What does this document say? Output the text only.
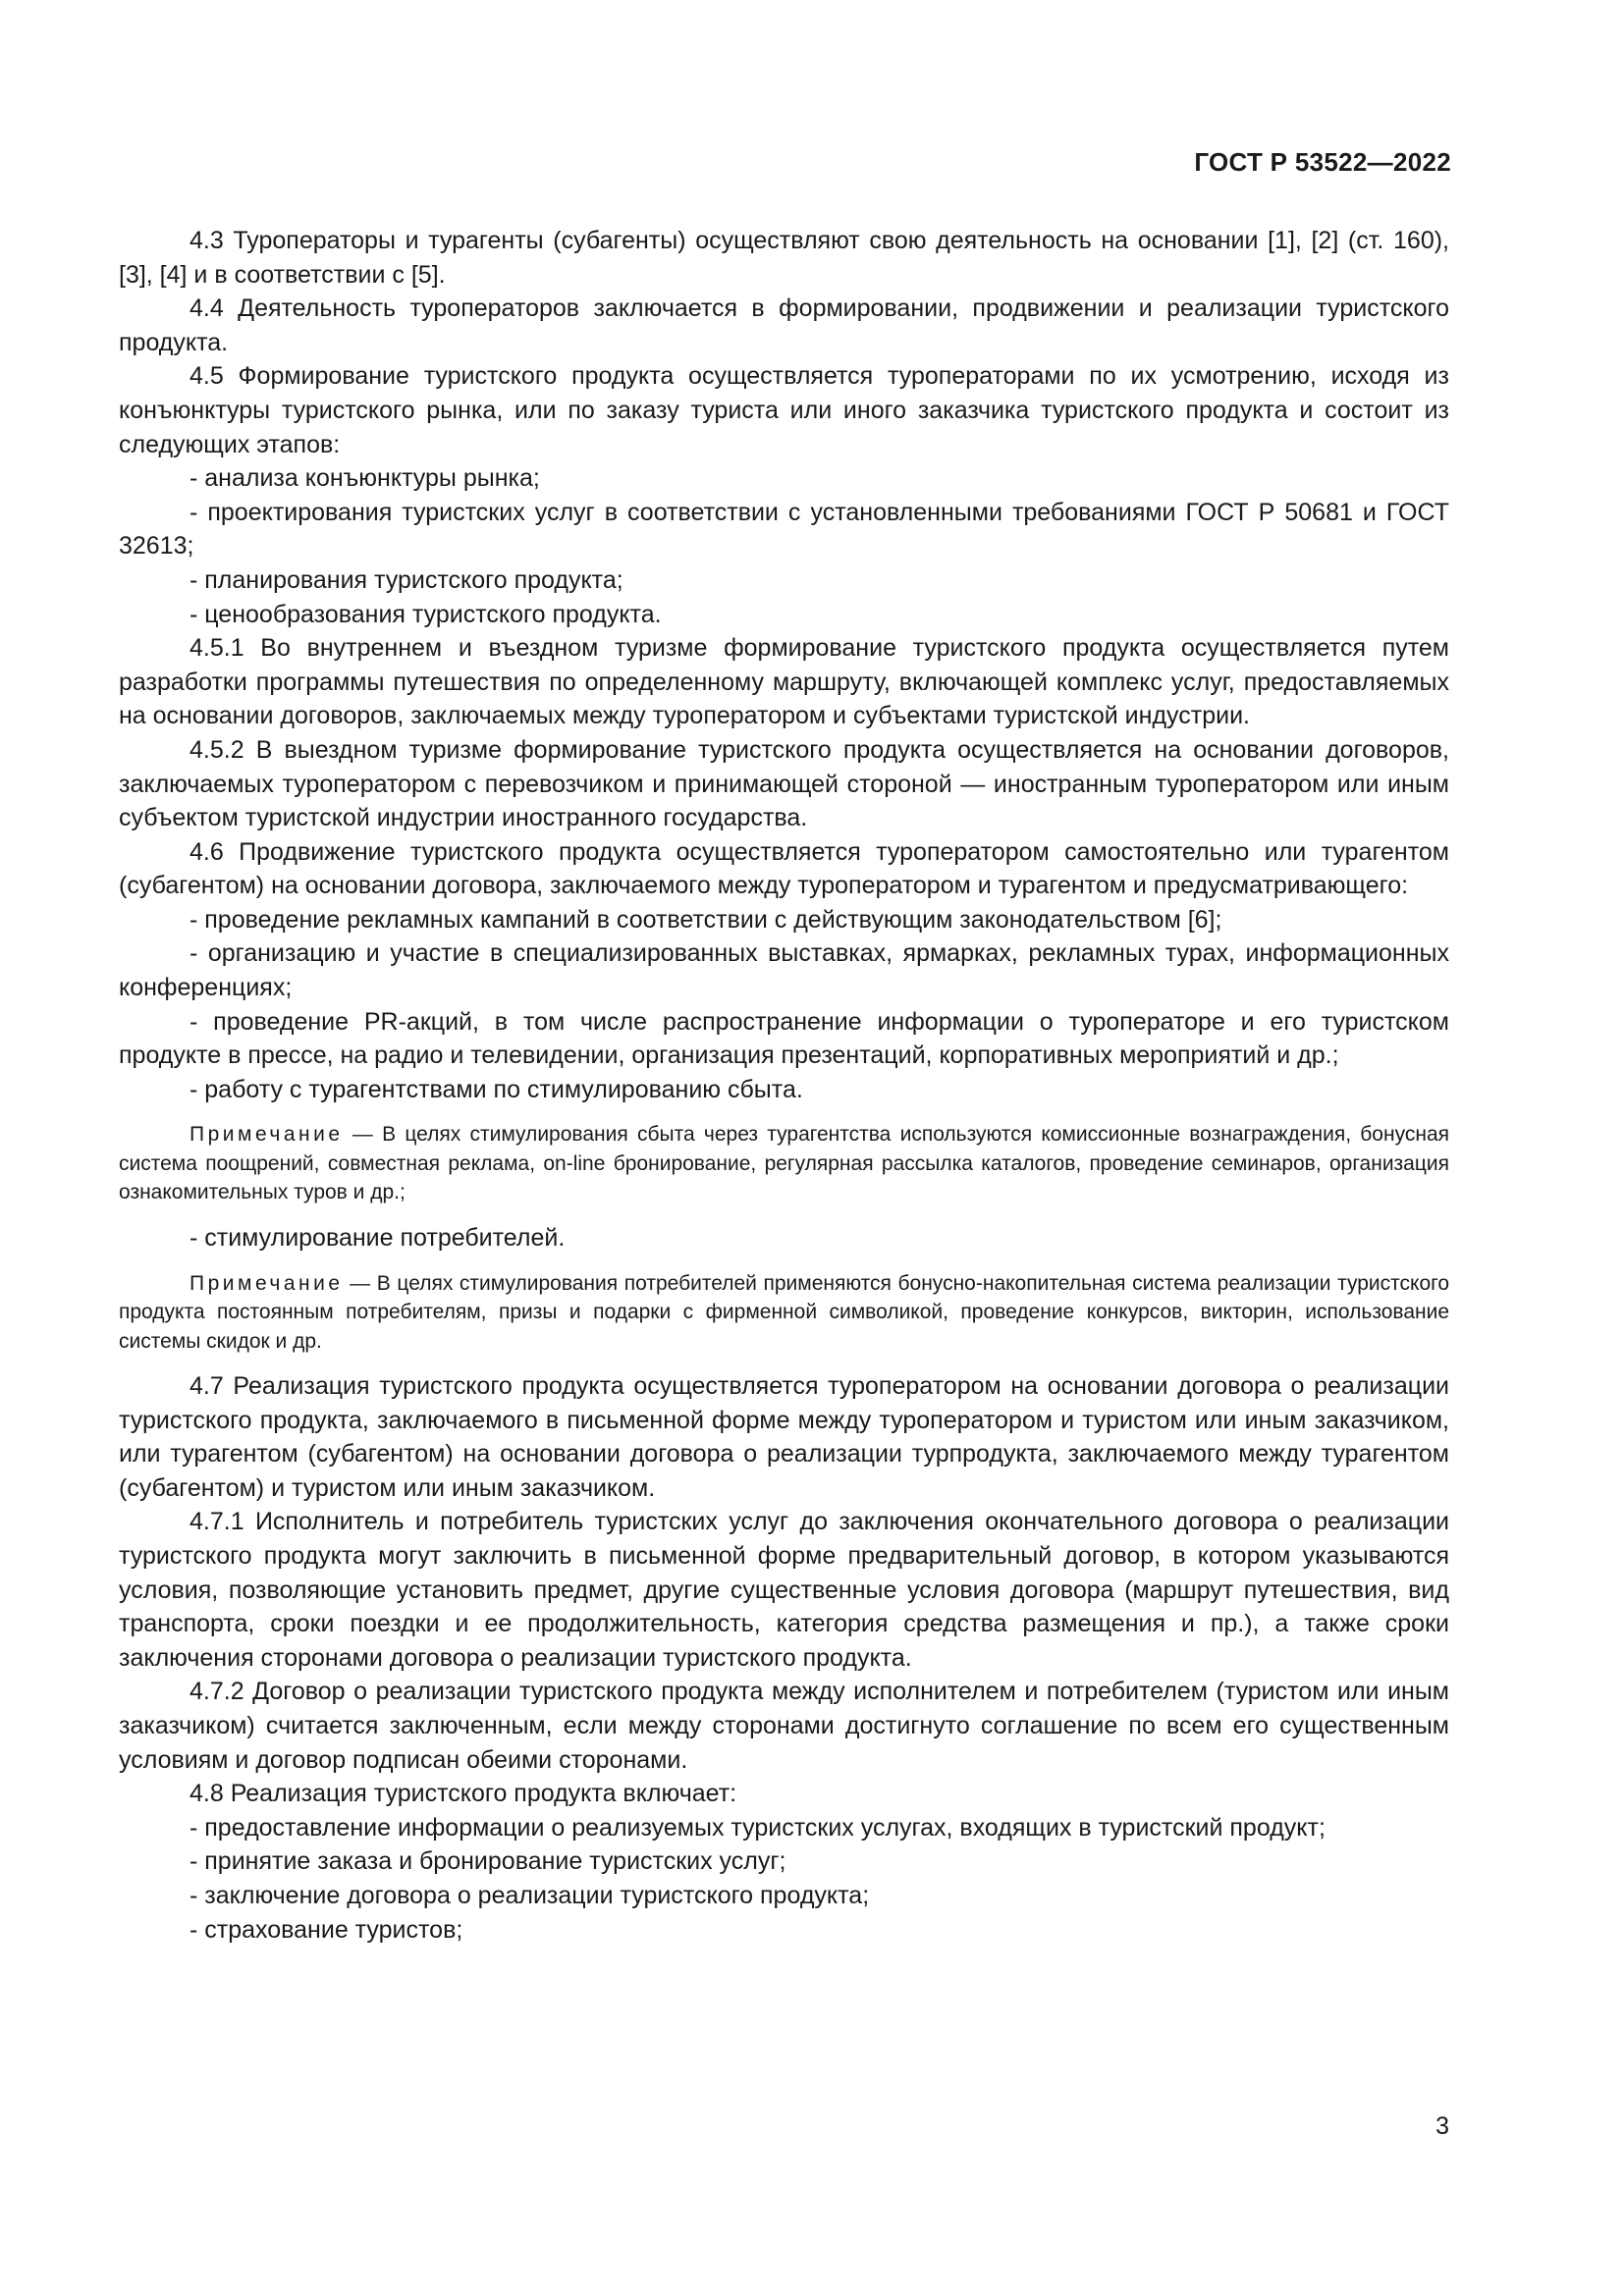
ГОСТ Р 53522—2022

4.3 Туроператоры и турагенты (субагенты) осуществляют свою деятельность на основании [1], [2] (ст. 160), [3], [4] и в соответствии с [5].

4.4 Деятельность туроператоров заключается в формировании, продвижении и реализации туристского продукта.

4.5 Формирование туристского продукта осуществляется туроператорами по их усмотрению, исходя из конъюнктуры туристского рынка, или по заказу туриста или иного заказчика туристского продукта и состоит из следующих этапов:

- анализа конъюнктуры рынка;

- проектирования туристских услуг в соответствии с установленными требованиями ГОСТ Р 50681 и ГОСТ 32613;

- планирования туристского продукта;

- ценообразования туристского продукта.

4.5.1 Во внутреннем и въездном туризме формирование туристского продукта осуществляется путем разработки программы путешествия по определенному маршруту, включающей комплекс услуг, предоставляемых на основании договоров, заключаемых между туроператором и субъектами туристской индустрии.

4.5.2 В выездном туризме формирование туристского продукта осуществляется на основании договоров, заключаемых туроператором с перевозчиком и принимающей стороной — иностранным туроператором или иным субъектом туристской индустрии иностранного государства.

4.6 Продвижение туристского продукта осуществляется туроператором самостоятельно или турагентом (субагентом) на основании договора, заключаемого между туроператором и турагентом и предусматривающего:

- проведение рекламных кампаний в соответствии с действующим законодательством [6];

- организацию и участие в специализированных выставках, ярмарках, рекламных турах, информационных конференциях;

- проведение PR-акций, в том числе распространение информации о туроператоре и его туристском продукте в прессе, на радио и телевидении, организация презентаций, корпоративных мероприятий и др.;

- работу с турагентствами по стимулированию сбыта.

Примечание — В целях стимулирования сбыта через турагентства используются комиссионные вознаграждения, бонусная система поощрений, совместная реклама, on-line бронирование, регулярная рассылка каталогов, проведение семинаров, организация ознакомительных туров и др.;

- стимулирование потребителей.

Примечание — В целях стимулирования потребителей применяются бонусно-накопительная система реализации туристского продукта постоянным потребителям, призы и подарки с фирменной символикой, проведение конкурсов, викторин, использование системы скидок и др.

4.7 Реализация туристского продукта осуществляется туроператором на основании договора о реализации туристского продукта, заключаемого в письменной форме между туроператором и туристом или иным заказчиком, или турагентом (субагентом) на основании договора о реализации турпродукта, заключаемого между турагентом (субагентом) и туристом или иным заказчиком.

4.7.1 Исполнитель и потребитель туристских услуг до заключения окончательного договора о реализации туристского продукта могут заключить в письменной форме предварительный договор, в котором указываются условия, позволяющие установить предмет, другие существенные условия договора (маршрут путешествия, вид транспорта, сроки поездки и ее продолжительность, категория средства размещения и пр.), а также сроки заключения сторонами договора о реализации туристского продукта.

4.7.2 Договор о реализации туристского продукта между исполнителем и потребителем (туристом или иным заказчиком) считается заключенным, если между сторонами достигнуто соглашение по всем его существенным условиям и договор подписан обеими сторонами.

4.8 Реализация туристского продукта включает:

- предоставление информации о реализуемых туристских услугах, входящих в туристский продукт;

- принятие заказа и бронирование туристских услуг;

- заключение договора о реализации туристского продукта;

- страхование туристов;

3
